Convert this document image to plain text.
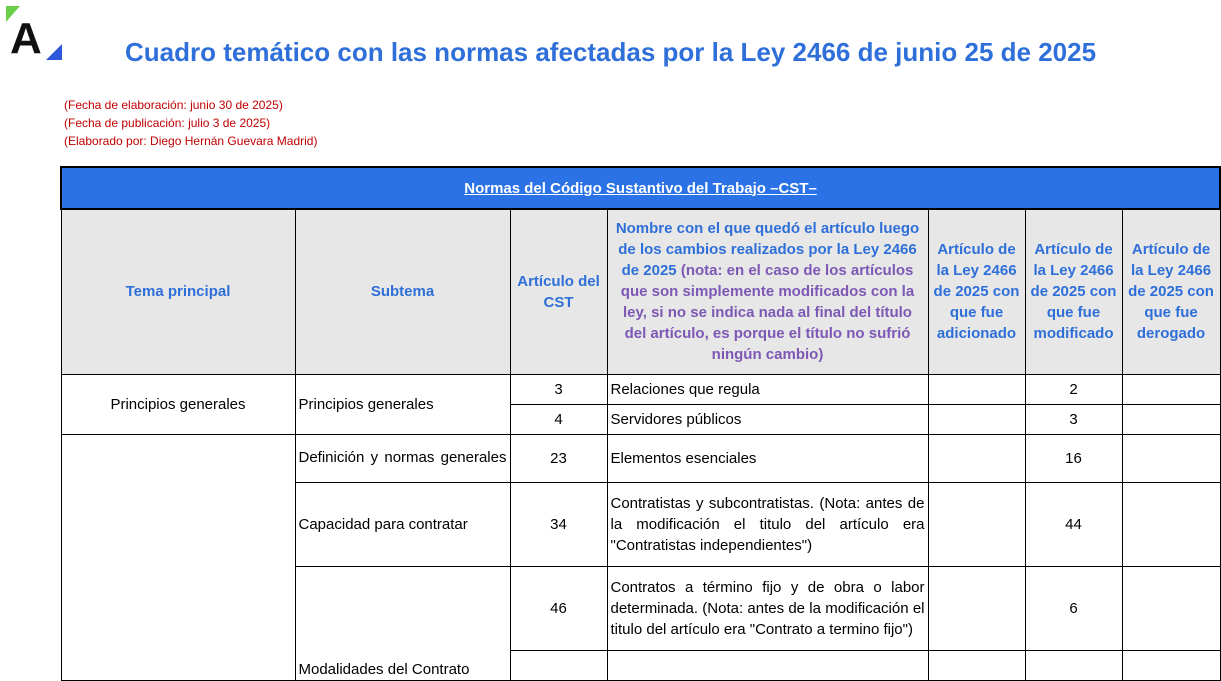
A	Cuadro temático con las normas afectadas por la Ley 2466 de junio 25 de 2025
(Fecha de elaboración: junio 30 de 2025)
(Fecha de publicación: julio 3 de 2025)
(Elaborado por: Diego Hernán Guevara Madrid)
Normas del Código Sustantivo del Trabajo –CST–						
Tema principal	Subtema	Artículo del CST	Nombre con el que quedó el artículo luego de los cambios realizados por la Ley 2466 de 2025 (nota: en el caso de los artículos que son simplemente modificados con la ley, si no se indica nada al final del título del artículo, es porque el título no sufrió ningún cambio)	Artículo de la Ley 2466 de 2025 con que fue adicionado	Artículo de la Ley 2466 de 2025 con que fue modificado	Artículo de la Ley 2466 de 2025 con que fue derogado
Principios generales	Principios generales	3	Relaciones que regula		2	
		4	Servidores públicos		3	

	Definición y normas generales	23	Elementos esenciales		16	
	Capacidad para contratar	34	Contratistas y subcontratistas. (Nota: antes de la modificación el titulo del artículo era "Contratistas independientes")		44	

	Modalidades del Contrato	46	Contratos a término fijo y de obra o labor determinada. (Nota: antes de la modificación el titulo del artículo era "Contrato a termino fijo")		6	
